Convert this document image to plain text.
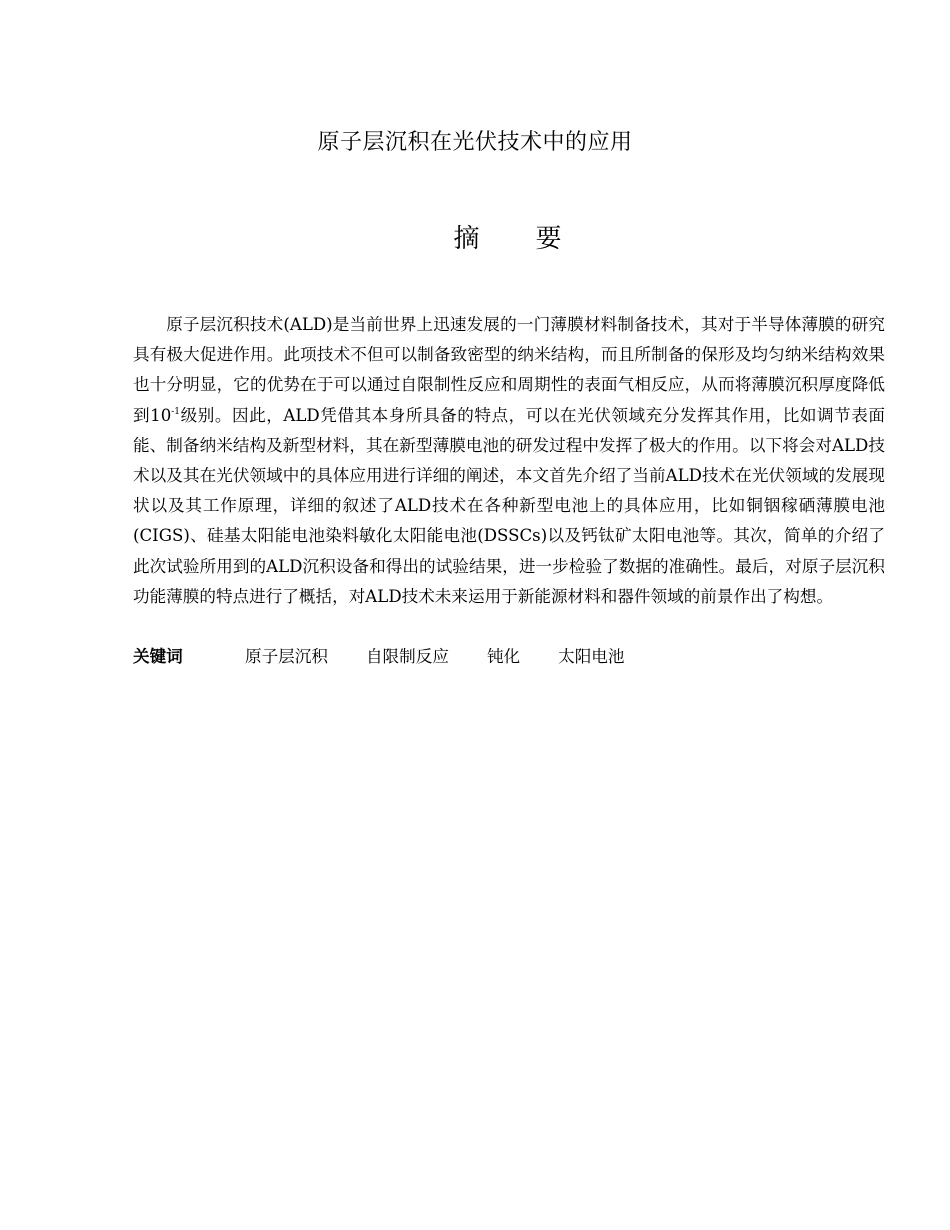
原子层沉积在光伏技术中的应用
摘 要

原子层沉积技术(ALD)是当前世界上迅速发展的一门薄膜材料制备技术，其对于半导体薄膜的研究具有极大促进作用。此项技术不但可以制备致密型的纳米结构，而且所制备的保形及均匀纳米结构效果也十分明显，它的优势在于可以通过自限制性反应和周期性的表面气相反应，从而将薄膜沉积厚度降低到$10^{-1}$级别。因此，ALD凭借其本身所具备的特点，可以在光伏领域充分发挥其作用，比如调节表面能、制备纳米结构及新型材料，其在新型薄膜电池的研发过程中发挥了极大的作用。以下将会对ALD技术以及其在光伏领域中的具体应用进行详细的阐述，本文首先介绍了当前ALD技术在光伏领域的发展现状以及其工作原理，详细的叙述了ALD技术在各种新型电池上的具体应用，比如铜铟稼硒薄膜电池(CIGS)、硅基太阳能电池染料敏化太阳能电池(DSSCs)以及钙钛矿太阳电池等。其次，简单的介绍了此次试验所用到的ALD沉积设备和得出的试验结果，进一步检验了数据的准确性。最后，对原子层沉积功能薄膜的特点进行了概括，对ALD技术未来运用于新能源材料和器件领域的前景作出了构想。

关键词	原子层沉积 自限制反应 钝化 太阳电池
